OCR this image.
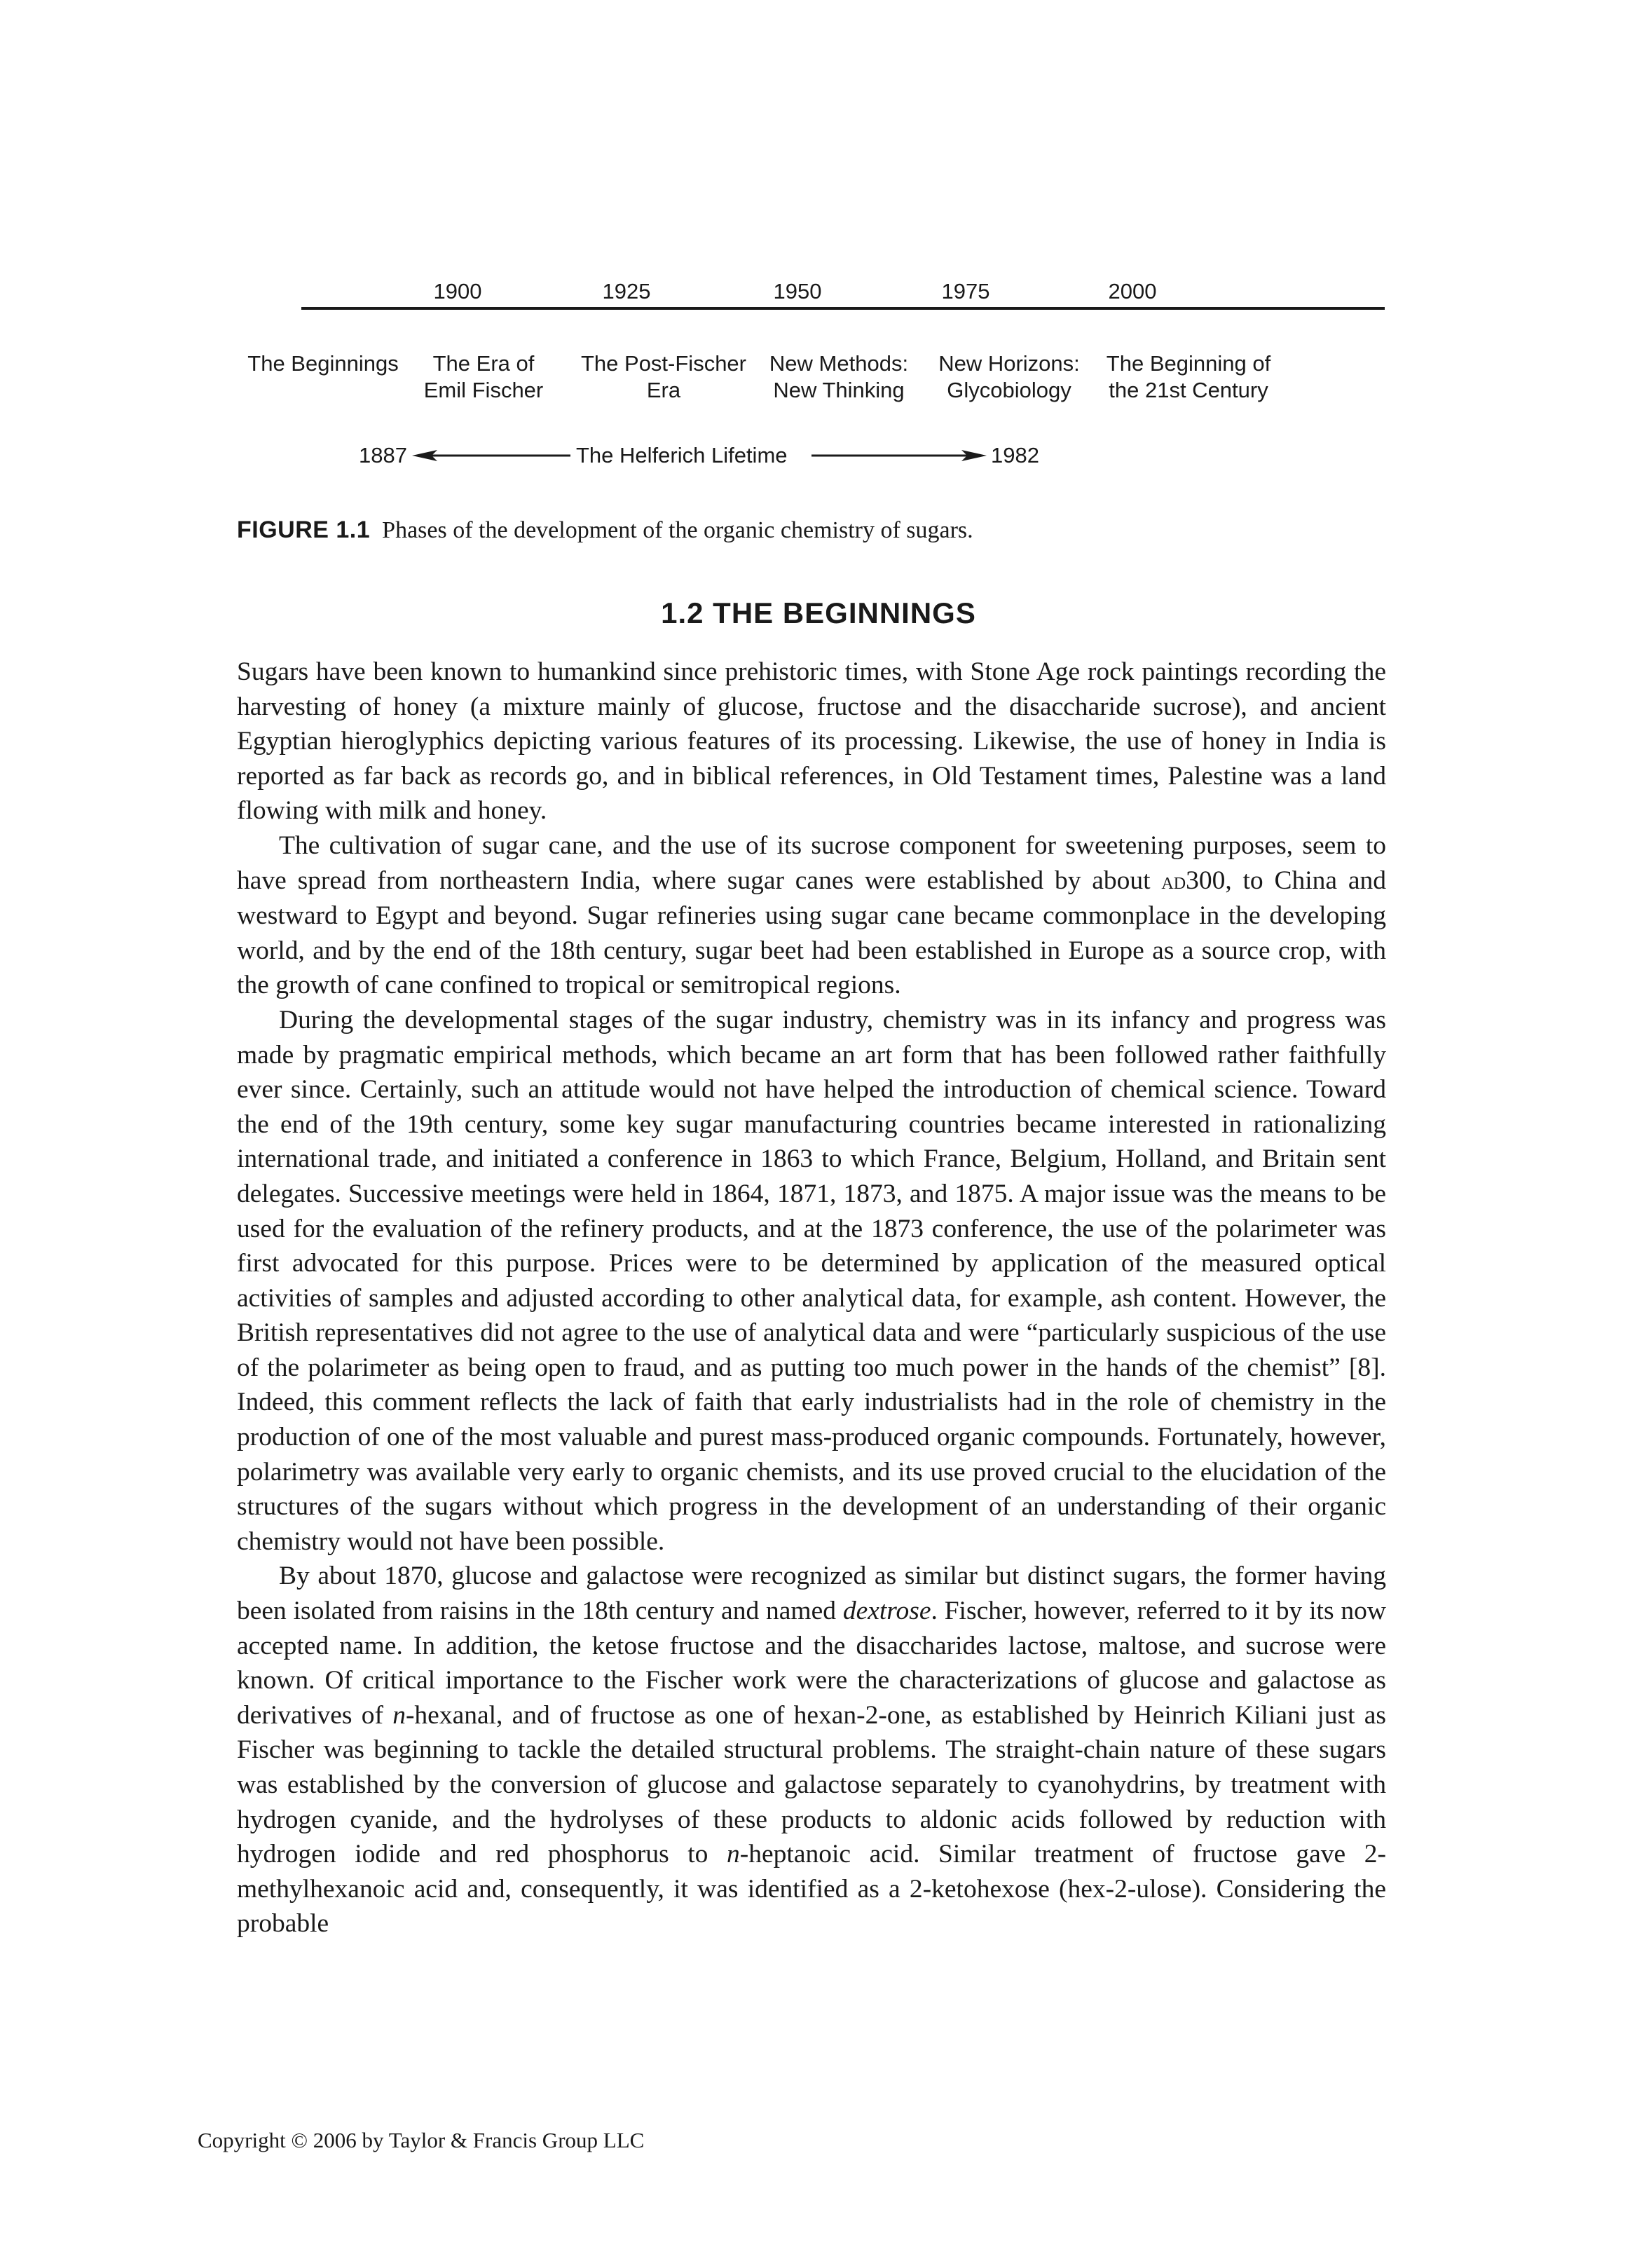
1900	1925	1950	1975	2000
The Beginnings	The Era of
Emil Fischer
The Post-Fischer
Era
New Methods:
New Thinking
New Horizons:
Glycobiology
The Beginning of
the 21st Century
1887	The Helferich Lifetime	1982
FIGURE 1.1 Phases of the development of the organic chemistry of sugars.
1.2 THE BEGINNINGS

Sugars have been known to humankind since prehistoric times, with Stone Age rock paintings recording the harvesting of honey (a mixture mainly of glucose, fructose and the disaccharide sucrose), and ancient Egyptian hieroglyphics depicting various features of its processing. Likewise, the use of honey in India is reported as far back as records go, and in biblical references, in Old Testament times, Palestine was a land flowing with milk and honey.

The cultivation of sugar cane, and the use of its sucrose component for sweetening purposes, seem to have spread from northeastern India, where sugar canes were established by about ad300, to China and westward to Egypt and beyond. Sugar refineries using sugar cane became commonplace in the developing world, and by the end of the 18th century, sugar beet had been established in Europe as a source crop, with the growth of cane confined to tropical or semitropical regions.

During the developmental stages of the sugar industry, chemistry was in its infancy and progress was made by pragmatic empirical methods, which became an art form that has been followed rather faithfully ever since. Certainly, such an attitude would not have helped the introduction of chemical science. Toward the end of the 19th century, some key sugar manufacturing countries became interested in rationalizing international trade, and initiated a conference in 1863 to which France, Belgium, Holland, and Britain sent delegates. Successive meetings were held in 1864, 1871, 1873, and 1875. A major issue was the means to be used for the evaluation of the refinery products, and at the 1873 conference, the use of the polarimeter was first advocated for this purpose. Prices were to be determined by application of the measured optical activities of samples and adjusted according to other analytical data, for example, ash content. However, the British representatives did not agree to the use of analytical data and were “particularly suspicious of the use of the polarimeter as being open to fraud, and as putting too much power in the hands of the chemist” [8]. Indeed, this comment reflects the lack of faith that early industrialists had in the role of chemistry in the production of one of the most valuable and purest mass-produced organic compounds. Fortunately, however, polarimetry was available very early to organic chemists, and its use proved crucial to the elucidation of the structures of the sugars without which progress in the development of an understanding of their organic chemistry would not have been possible.

By about 1870, glucose and galactose were recognized as similar but distinct sugars, the former having been isolated from raisins in the 18th century and named dextrose. Fischer, however, referred to it by its now accepted name. In addition, the ketose fructose and the disaccharides lactose, maltose, and sucrose were known. Of critical importance to the Fischer work were the characterizations of glucose and galactose as derivatives of n-hexanal, and of fructose as one of hexan-2-one, as established by Heinrich Kiliani just as Fischer was beginning to tackle the detailed structural problems. The straight-chain nature of these sugars was established by the conversion of glucose and galactose separately to cyanohydrins, by treatment with hydrogen cyanide, and the hydrolyses of these products to aldonic acids followed by reduction with hydrogen iodide and red phosphorus to n-heptanoic acid. Similar treatment of fructose gave 2-methylhexanoic acid and, consequently, it was identified as a 2-ketohexose (hex-2-ulose). Considering the probable

Copyright © 2006 by Taylor & Francis Group LLC
